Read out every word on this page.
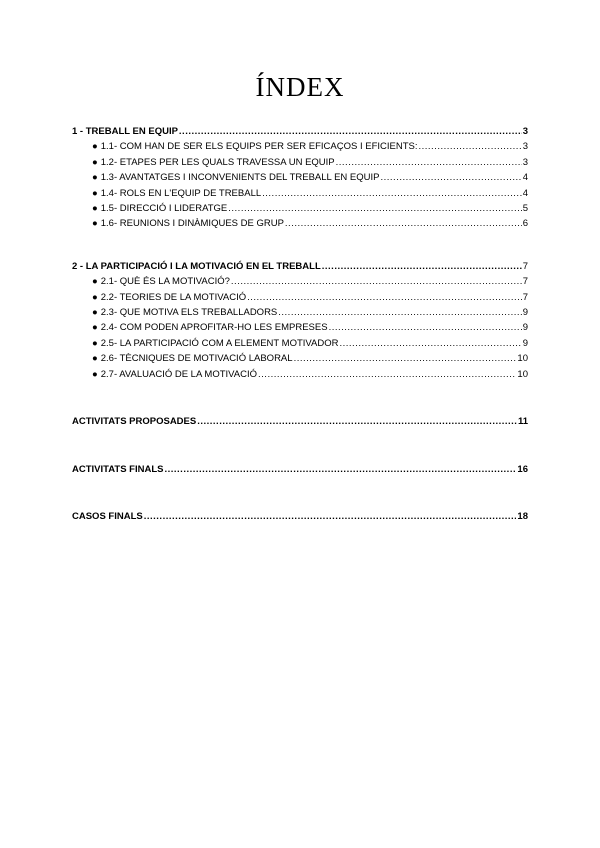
ÍNDEX
1 - TREBALL EN EQUIP .....	3
● 1.1- COM HAN DE SER ELS EQUIPS PER SER EFICAÇOS I EFICIENTS: .....	3
● 1.2- ETAPES PER LES QUALS TRAVESSA UN EQUIP .....	3
● 1.3- AVANTATGES I INCONVENIENTS DEL TREBALL EN EQUIP .....	4
● 1.4- ROLS EN L'EQUIP DE TREBALL .....	4
● 1.5- DIRECCIÓ I LIDERATGE .....	5
● 1.6- REUNIONS I DINÀMIQUES DE GRUP .....	6
2 - LA PARTICIPACIÓ I LA MOTIVACIÓ EN EL TREBALL .....	7
● 2.1- QUÈ ÉS LA MOTIVACIÓ? .....	7
● 2.2- TEORIES DE LA MOTIVACIÓ .....	7
● 2.3- QUE MOTIVA ELS TREBALLADORS .....	9
● 2.4- COM PODEN APROFITAR-HO LES EMPRESES .....	9
● 2.5- LA PARTICIPACIÓ COM A ELEMENT MOTIVADOR .....	9
● 2.6- TÈCNIQUES DE MOTIVACIÓ LABORAL .....	10
● 2.7- AVALUACIÓ DE LA MOTIVACIÓ .....	10
ACTIVITATS PROPOSADES .....	11
ACTIVITATS FINALS .....	16
CASOS FINALS .....	18
